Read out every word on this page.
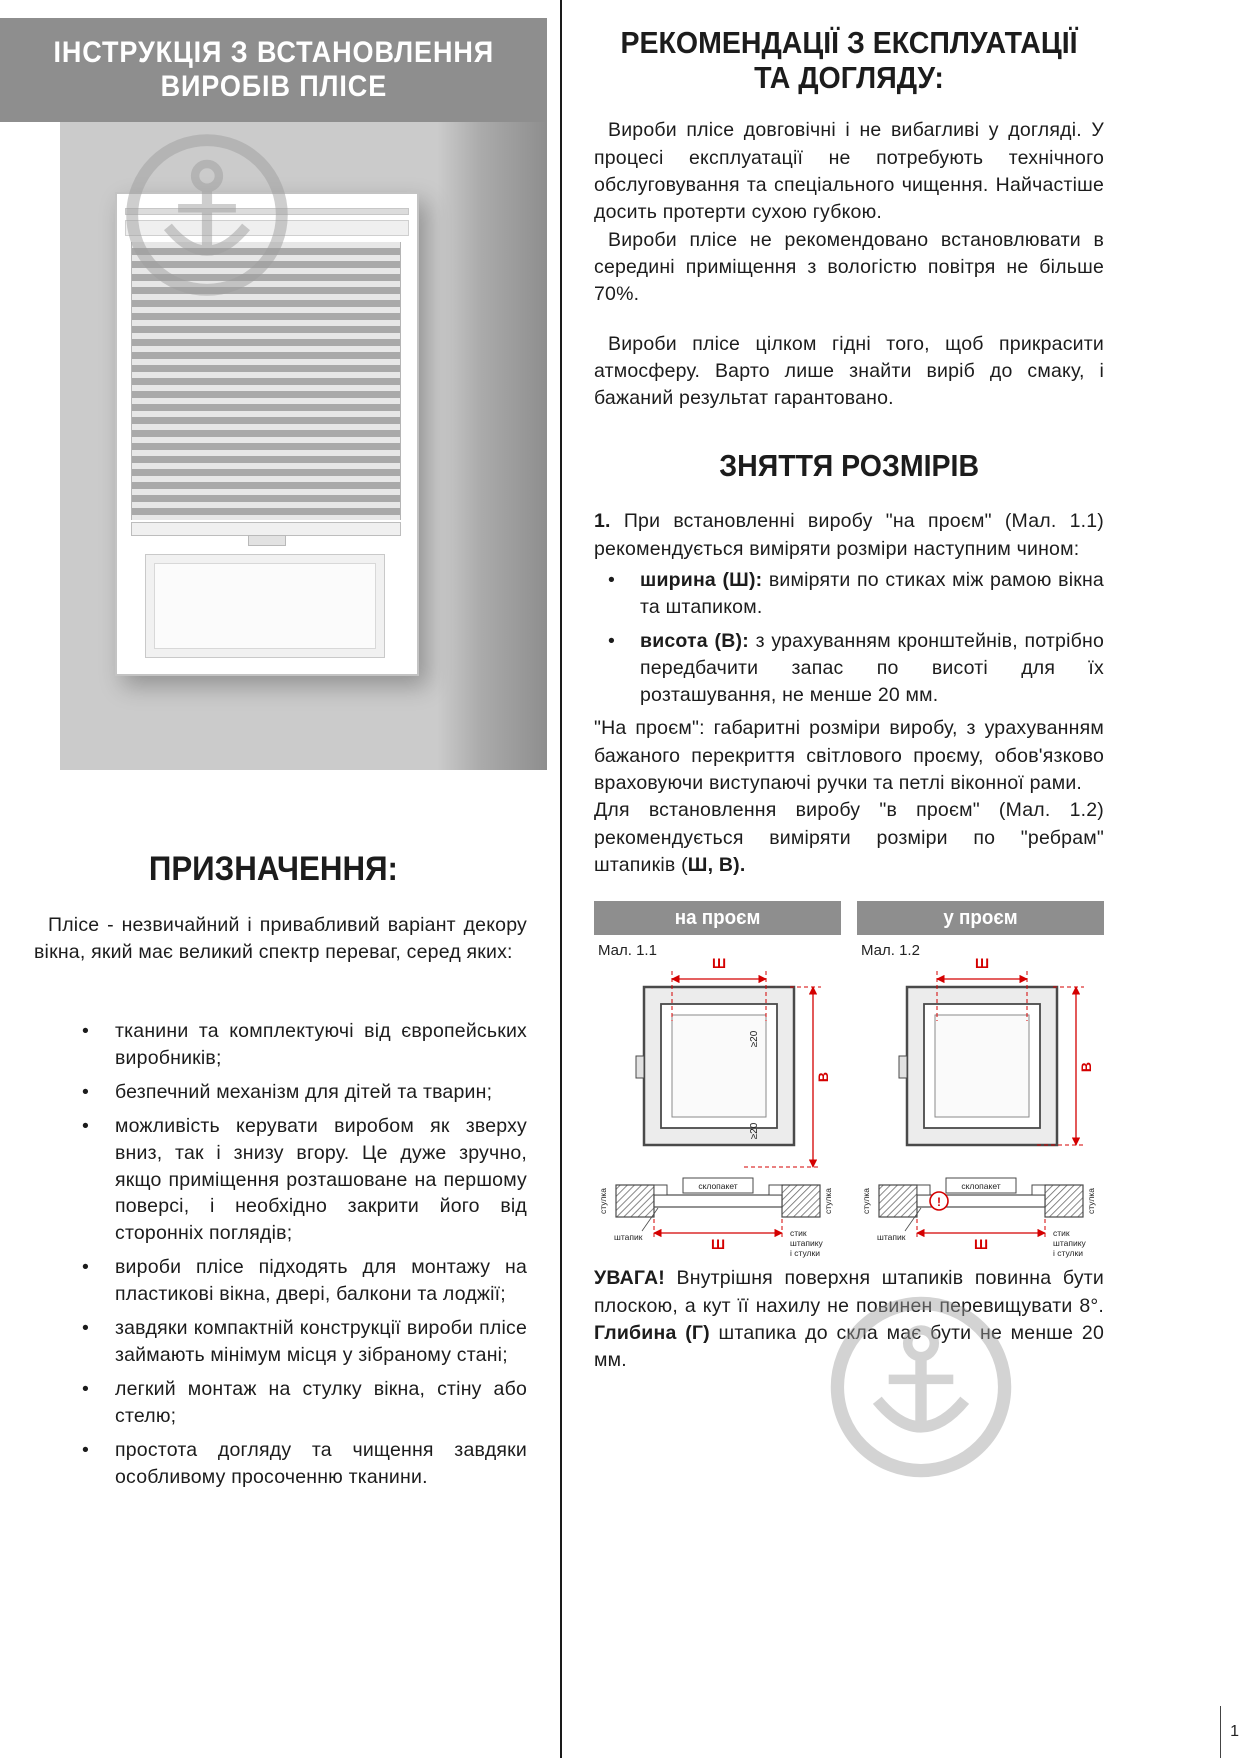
ІНСТРУКЦІЯ З ВСТАНОВЛЕННЯ
ВИРОБІВ ПЛІСЕ
ПРИЗНАЧЕННЯ:
Плісе - незвичайний і привабливий варіант декору вікна, який має великий спектр переваг, серед яких:
• тканини та комплектуючі від європейських виробників;
• безпечний механізм для дітей та тварин;
• можливість керувати виробом як зверху вниз, так і знизу вгору. Це дуже зручно, якщо приміщення розташоване на першому поверсі, і необхідно закрити його від сторонніх поглядів;
• вироби плісе підходять для монтажу на пластикові вікна, двері, балкони та лоджії;
• завдяки компактній конструкції вироби плісе займають мінімум місця у зібраному стані;
• легкий монтаж на стулку вікна, стіну або стелю;
• простота догляду та чищення завдяки особливому просоченню тканини.
РЕКОМЕНДАЦІЇ З ЕКСПЛУАТАЦІЇ
ТА ДОГЛЯДУ:

Вироби плісе довговічні і не вибагливі у догляді. У процесі експлуатації не потребують технічного обслуговування та спеціального чищення. Найчастіше досить протерти сухою губкою.

Вироби плісе не рекомендовано встановлювати в середині приміщення з вологістю повітря не більше 70%.

Вироби плісе цілком гідні того, щоб прикрасити атмосферу. Варто лише знайти виріб до смаку, і бажаний результат гарантовано.

ЗНЯТТЯ РОЗМІРІВ

1. При встановленні виробу "на проєм" (Мал. 1.1) рекомендується виміряти розміри наступним чином:

• ширина (Ш): виміряти по стиках між рамою вікна та штапиком.
• висота (В): з урахуванням кронштейнів, потрібно передбачити запас по висоті для їх розташування, не менше 20 мм.

"На проєм": габаритні розміри виробу, з урахуванням бажаного перекриття світлового проєму, обов'язково враховуючи виступаючі ручки та петлі віконної рами.

Для встановлення виробу "в проєм" (Мал. 1.2) рекомендується виміряти розміри по "ребрам" штапиків (Ш, В).

на проєм
Мал. 1.1
Ш
В
≥20
≥20
склопакет
стулка	стулка
штапик	Ш
стик
штапику
і стулки
у проєм
Мал. 1.2
Ш
В
склопакет
стулка	стулка
!
штапик	Ш
стик
штапику
і стулки

УВАГА! Внутрішня поверхня штапиків повинна бути плоскою, а кут її нахилу не повинен перевищувати 8°. Глибина (Г) штапика до скла має бути не менше 20 мм.

1
